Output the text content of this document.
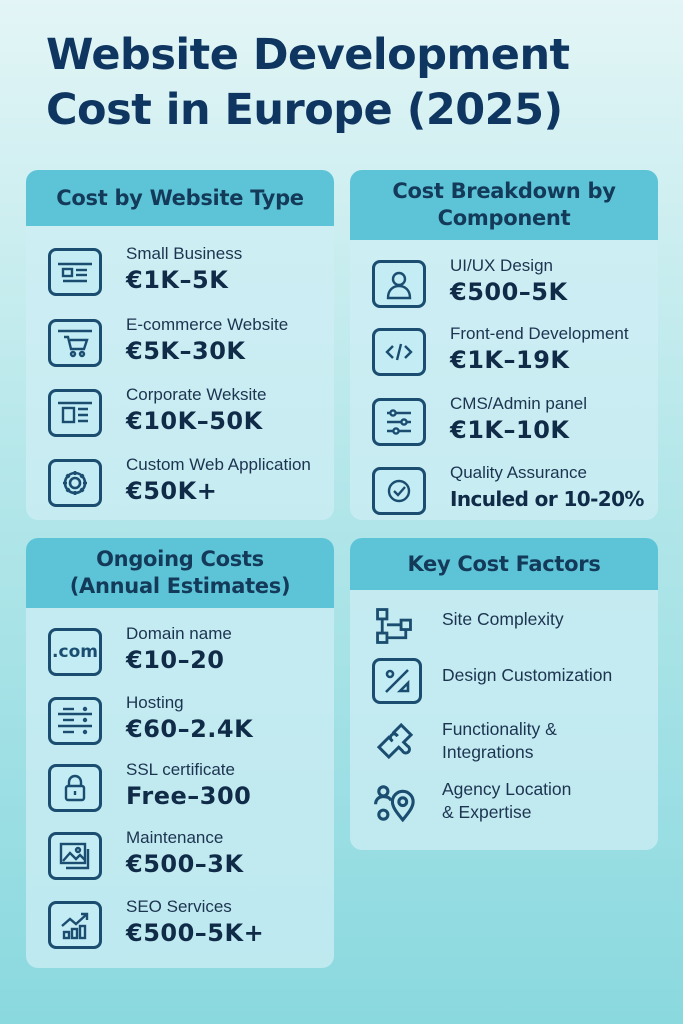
Website Development
Cost in Europe (2025)
Cost by Website Type
Small Business
€1K–5K
E-commerce Website
€5K–30K
Corporate Weksite
€10K–50K
Custom Web Application
€50K+
Cost Breakdown by
Component
UI/UX Design
€500–5K
Front-end Development
€1K–19K
CMS/Admin panel
€1K–10K
Quality Assurance
Inculed or 10-20%
Ongoing Costs
(Annual Estimates)
.com
Domain name
€10–20
Hosting
€60–2.4K
SSL certificate
Free–300
Maintenance
€500–3K
SEO Services
€500–5K+
Key Cost Factors
Site Complexity
Design Customization
Functionality &
Integrations
Agency Location
& Expertise
